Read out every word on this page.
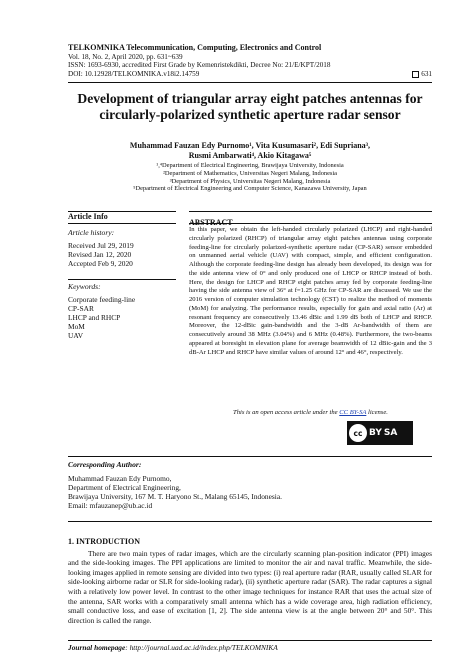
TELKOMNIKA Telecommunication, Computing, Electronics and Control
Vol. 18, No. 2, April 2020, pp. 631~639
ISSN: 1693-6930, accredited First Grade by Kemenristekdikti, Decree No: 21/E/KPT/2018
DOI: 10.12928/TELKOMNIKA.v18i2.14759	631
Development of triangular array eight patches antennas for
circularly-polarized synthetic aperture radar sensor
Muhammad Fauzan Edy Purnomo¹, Vita Kusumasari², Edi Supriana³,
Rusmi Ambarwati⁴, Akio Kitagawa⁵
¹,⁴Department of Electrical Engineering, Brawijaya University, Indonesia
²Department of Mathematics, Universitas Negeri Malang, Indonesia
³Department of Physics, Universitas Negeri Malang, Indonesia
⁵Department of Electrical Engineering and Computer Science, Kanazawa University, Japan
Article Info
Article history:
Received Jul 29, 2019
Revised Jan 12, 2020
Accepted Feb 9, 2020
Keywords:
Corporate feeding-line
CP-SAR
LHCP and RHCP
MoM
UAV
ABSTRACT
In this paper, we obtain the left-handed circularly polarized (LHCP) and right-handed circularly polarized (RHCP) of triangular array eight patches antennas using corporate feeding-line for circularly polarized-synthetic aperture radar (CP-SAR) sensor embedded on unmanned aerial vehicle (UAV) with compact, simple, and efficient configuration. Although the corporate feeding-line design has already been developed, its design was for the side antenna view of 0° and only produced one of LHCP or RHCP instead of both. Here, the design for LHCP and RHCP eight patches array fed by corporate feeding-line having the side antenna view of 36° at f=1.25 GHz for CP-SAR are discussed. We use the 2016 version of computer simulation technology (CST) to realize the method of moments (MoM) for analyzing. The performance results, especially for gain and axial ratio (Ar) at resonant frequency are consecutively 13.46 dBic and 1.99 dB both of LHCP and RHCP. Moreover, the 12-dBic gain-bandwidth and the 3-dB Ar-bandwidth of them are consecutively around 38 MHz (3.04%) and 6 MHz (0.48%). Furthermore, the two-beams appeared at boresight in elevation plane for average beamwidth of 12 dBic-gain and the 3 dB-Ar LHCP and RHCP have similar values of around 12° and 46°, respectively.
This is an open access article under the CC BY-SA license.
cc BY SA
Corresponding Author:
Muhammad Fauzan Edy Purnomo,
Department of Electrical Engineering,
Brawijaya University, 167 M. T. Haryono St., Malang 65145, Indonesia.
Email: mfauzanep@ub.ac.id
1. INTRODUCTION

There are two main types of radar images, which are the circularly scanning plan-position indicator (PPI) images and the side-looking images. The PPI applications are limited to monitor the air and naval traffic. Meanwhile, the side-looking images applied in remote sensing are divided into two types: (i) real aperture radar (RAR, usually called SLAR for side-looking airborne radar or SLR for side-looking radar), (ii) synthetic aperture radar (SAR). The radar captures a signal with a relatively low power level. In contrast to the other image techniques for instance RAR that uses the actual size of the antenna, SAR works with a comparatively small antenna which has a wide coverage area, high radiation efficiency, small conductive loss, and ease of excitation [1, 2]. The side antenna view is at the angle between 20° and 50°. This direction is called the range.

Journal homepage: http://journal.uad.ac.id/index.php/TELKOMNIKA
